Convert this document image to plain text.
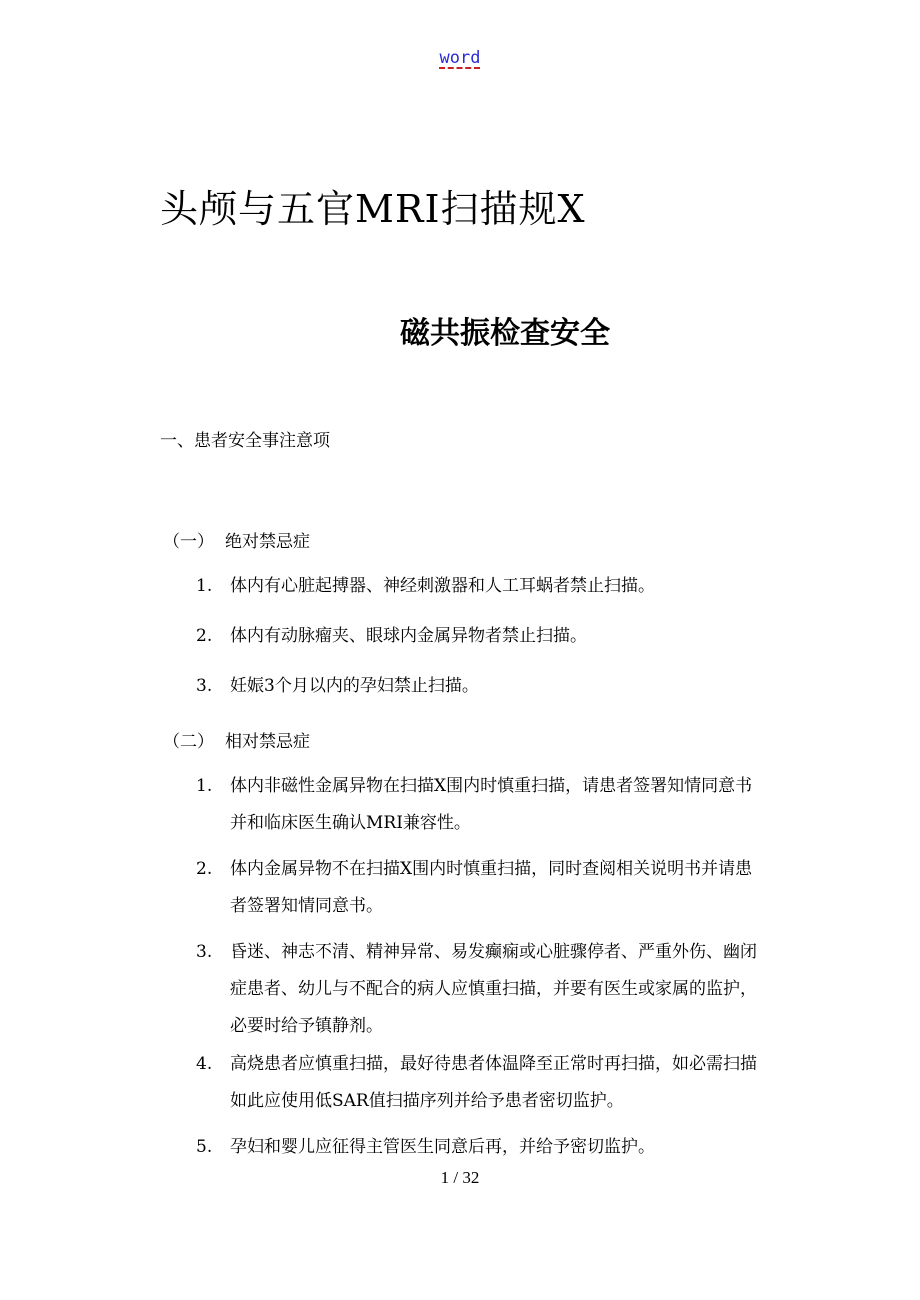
word
头颅与五官MRI扫描规X
磁共振检查安全
一、患者安全事注意项
（一） 绝对禁忌症
1. 体内有心脏起搏器、神经刺激器和人工耳蜗者禁止扫描。
2. 体内有动脉瘤夹、眼球内金属异物者禁止扫描。
3. 妊娠3个月以内的孕妇禁止扫描。
（二） 相对禁忌症
1. 体内非磁性金属异物在扫描X围内时慎重扫描，请患者签署知情同意书并和临床医生确认MRI兼容性。
2. 体内金属异物不在扫描X围内时慎重扫描，同时查阅相关说明书并请患者签署知情同意书。
3. 昏迷、神志不清、精神异常、易发癫痫或心脏骤停者、严重外伤、幽闭症患者、幼儿与不配合的病人应慎重扫描，并要有医生或家属的监护，必要时给予镇静剂。
4. 高烧患者应慎重扫描，最好待患者体温降至正常时再扫描，如必需扫描如此应使用低SAR值扫描序列并给予患者密切监护。
5. 孕妇和婴儿应征得主管医生同意后再，并给予密切监护。
1 / 32
